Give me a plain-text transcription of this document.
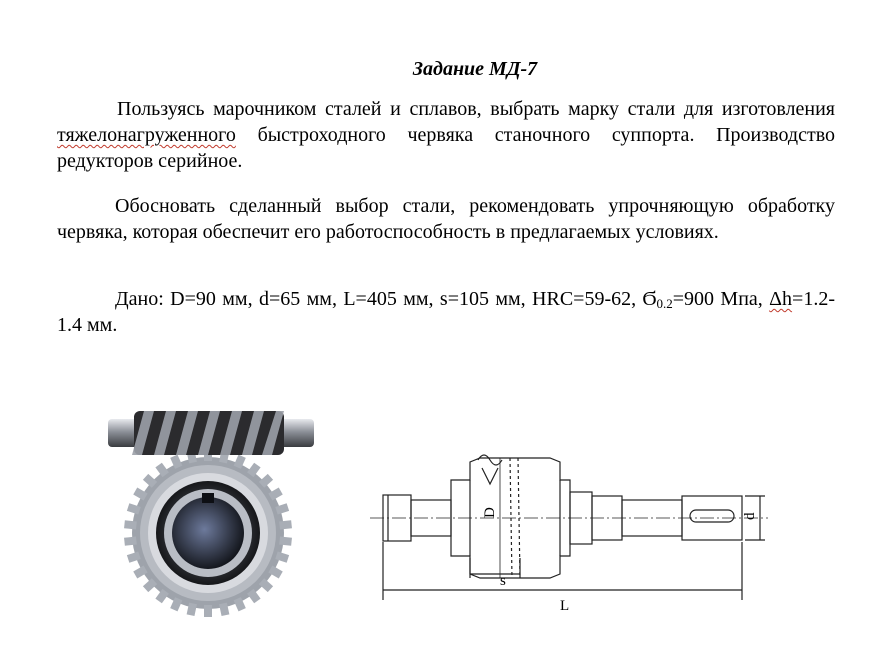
Задание МД-7

Пользуясь марочником сталей и сплавов, выбрать марку стали для изготовления тяжелонагруженного быстроходного червяка станочного суппорта. Производство редукторов серийное.

Обосновать сделанный выбор стали, рекомендовать упрочняющую обработку червяка, которая обеспечит его работоспособность в предлагаемых условиях.

Дано: D=90 мм, d=65 мм, L=405 мм, s=105 мм, HRC=59-62, $Ϭ_{0.2}=900$ Мпа, Δh=1.2-1.4 мм.

D	d
s
L
